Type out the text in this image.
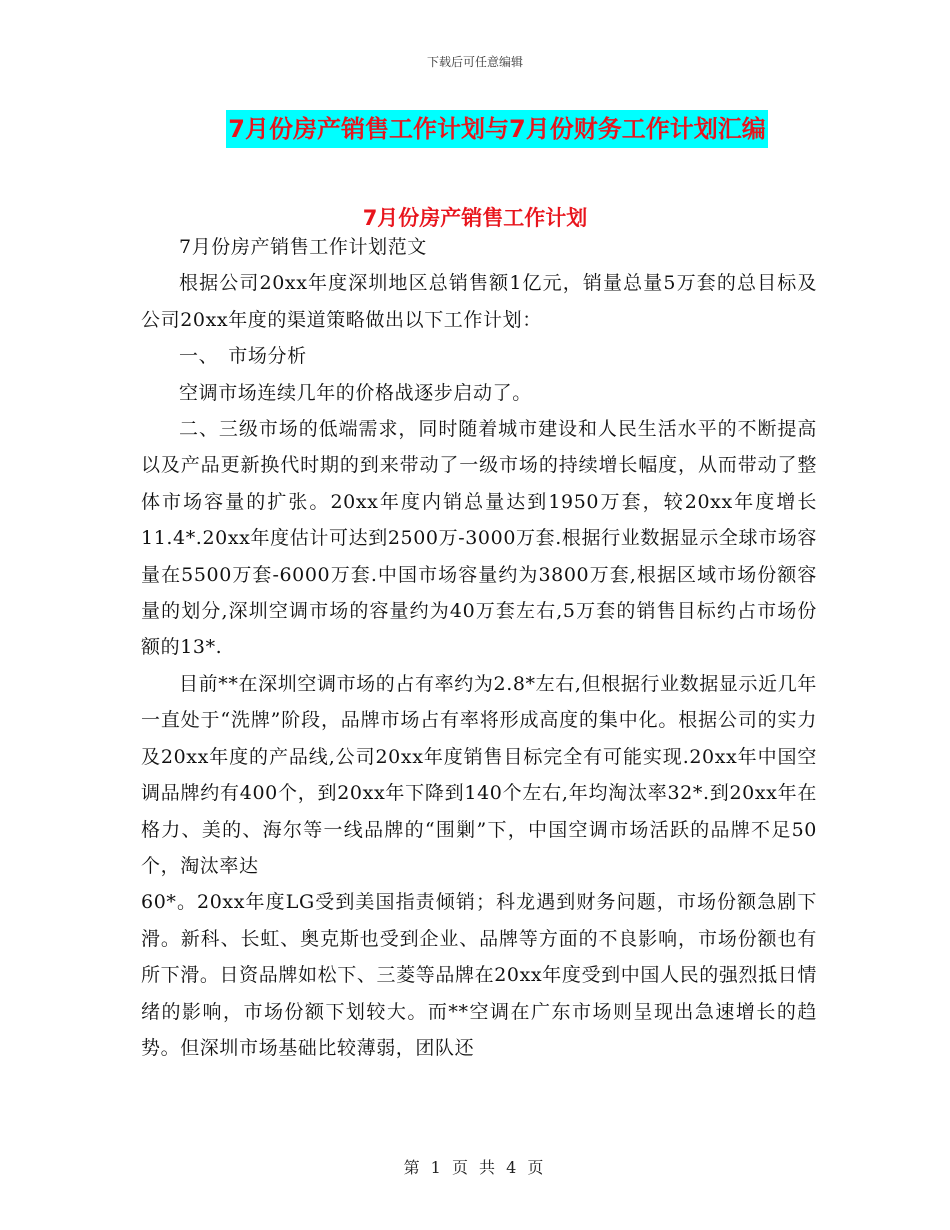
下载后可任意编辑
7月份房产销售工作计划与7月份财务工作计划汇编
7月份房产销售工作计划

7月份房产销售工作计划范文

根据公司20xx年度深圳地区总销售额1亿元，销量总量5万套的总目标及公司20xx年度的渠道策略做出以下工作计划：

一、　市场分析

空调市场连续几年的价格战逐步启动了。

二、三级市场的低端需求，同时随着城市建设和人民生活水平的不断提高以及产品更新换代时期的到来带动了一级市场的持续增长幅度，从而带动了整体市场容量的扩张。20xx年度内销总量达到1950万套，较20xx年度增长11.4*.20xx年度估计可达到2500万-3000万套.根据行业数据显示全球市场容量在5500万套-6000万套.中国市场容量约为3800万套,根据区域市场份额容量的划分,深圳空调市场的容量约为40万套左右,5万套的销售目标约占市场份额的13*.

目前**在深圳空调市场的占有率约为2.8*左右,但根据行业数据显示近几年一直处于“洗牌”阶段，品牌市场占有率将形成高度的集中化。根据公司的实力及20xx年度的产品线,公司20xx年度销售目标完全有可能实现.20xx年中国空调品牌约有400个，到20xx年下降到140个左右,年均淘汰率32*.到20xx年在格力、美的、海尔等一线品牌的“围剿”下，中国空调市场活跃的品牌不足50个，淘汰率达

60*。20xx年度LG受到美国指责倾销；科龙遇到财务问题，市场份额急剧下滑。新科、长虹、奥克斯也受到企业、品牌等方面的不良影响，市场份额也有所下滑。日资品牌如松下、三菱等品牌在20xx年度受到中国人民的强烈抵日情绪的影响，市场份额下划较大。而**空调在广东市场则呈现出急速增长的趋势。但深圳市场基础比较薄弱，团队还

第 1 页 共 4 页
